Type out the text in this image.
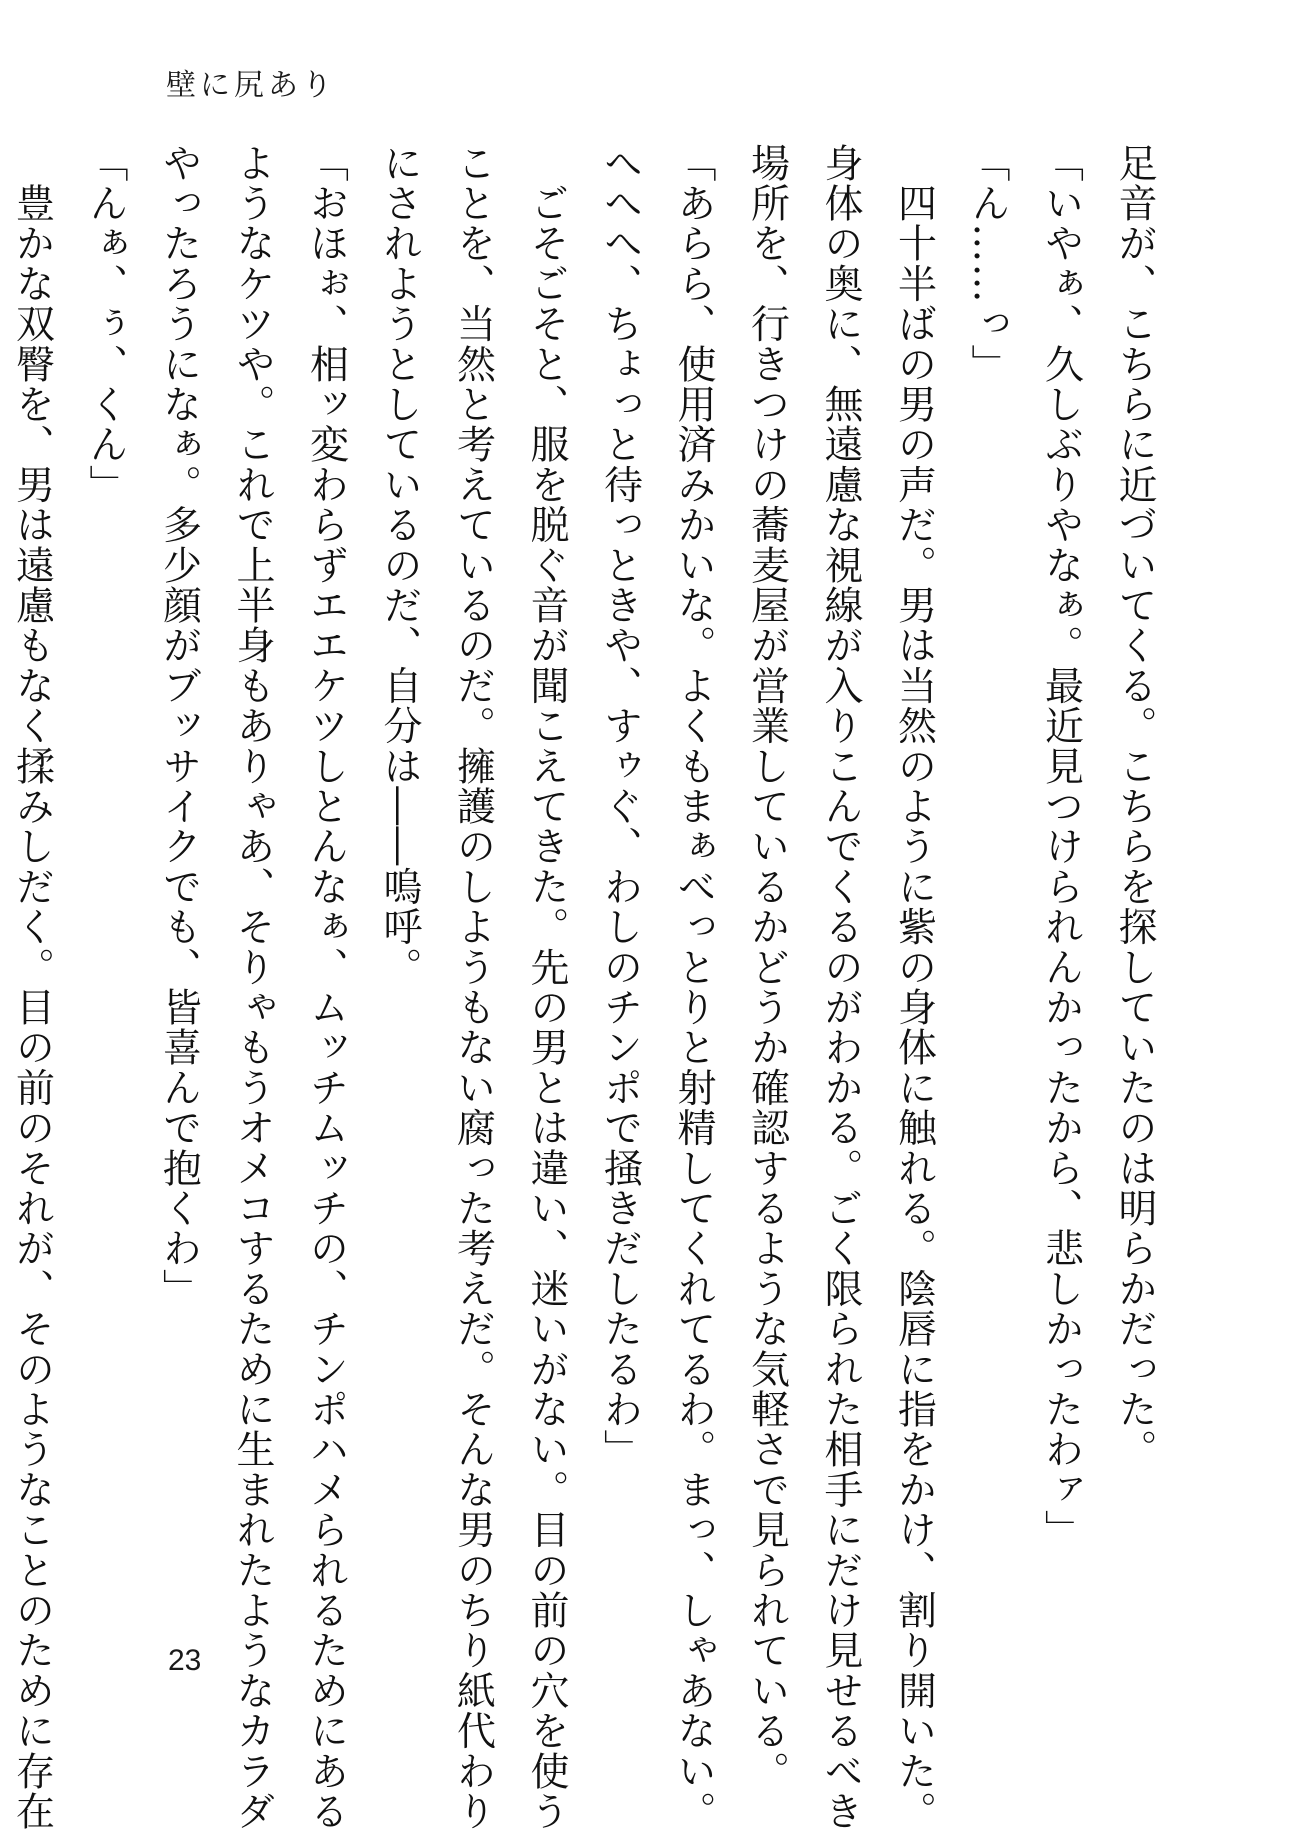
壁に尻あり

足音が、こちらに近づいてくる。こちらを探していたのは明らかだった。

「いやぁ、久しぶりやなぁ。最近見つけられんかったから、悲しかったわァ」

「ん……っ」

　四十半ばの男の声だ。男は当然のように紫の身体に触れる。陰唇に指をかけ、割り開いた。

身体の奥に、無遠慮な視線が入りこんでくるのがわかる。ごく限られた相手にだけ見せるべき

場所を、行きつけの蕎麦屋が営業しているかどうか確認するような気軽さで見られている。

「あらら、使用済みかいな。よくもまぁべっとりと射精してくれてるわ。まっ、しゃあない。

へへへ、ちょっと待っときや、すゥぐ、わしのチンポで掻きだしたるわ」

　ごそごそと、服を脱ぐ音が聞こえてきた。先の男とは違い、迷いがない。目の前の穴を使う

ことを、当然と考えているのだ。擁護のしようもない腐った考えだ。そんな男のちり紙代わり

にされようとしているのだ、自分は――嗚呼。

「おほぉ、相ッ変わらずエエケツしとんなぁ、ムッチムッチの、チンポハメられるためにある

ようなケツや。これで上半身もありゃあ、そりゃもうオメコするために生まれたようなカラダ

やったろうになぁ。多少顔がブッサイクでも、皆喜んで抱くわ」

「んぁ、ぅ、くん」

　豊かな双臀を、男は遠慮もなく揉みしだく。目の前のそれが、そのようなことのために存在	23
